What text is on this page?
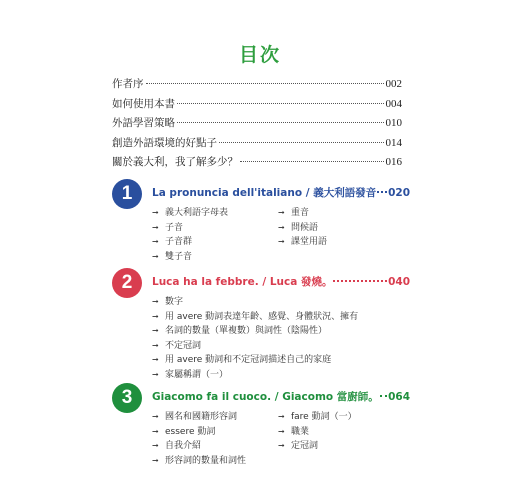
目次
作者序	002
如何使用本書	004
外語學習策略	010
創造外語環境的好點子	014
關於義大利，我了解多少？	016
1	La pronuncia dell'italiano / 義大利語發音 020
➞ 義大利語字母表	➞ 重音
➞ 子音	➞ 問候語
➞ 子音群	➞ 課堂用語
➞ 雙子音
2	Luca ha la febbre. / Luca 發燒。	040
➞ 數字
➞ 用 avere 動詞表達年齡、感覺、身體狀況、擁有
➞ 名詞的數量（單複數）與詞性（陰陽性）
➞ 不定冠詞
➞ 用 avere 動詞和不定冠詞描述自己的家庭
➞ 家屬稱謂（一）
3	Giacomo fa il cuoco. / Giacomo 當廚師。 064
➞ 國名和國籍形容詞	➞ fare 動詞（一）
➞ essere 動詞	➞ 職業
➞ 自我介紹	➞ 定冠詞
➞ 形容詞的數量和詞性
